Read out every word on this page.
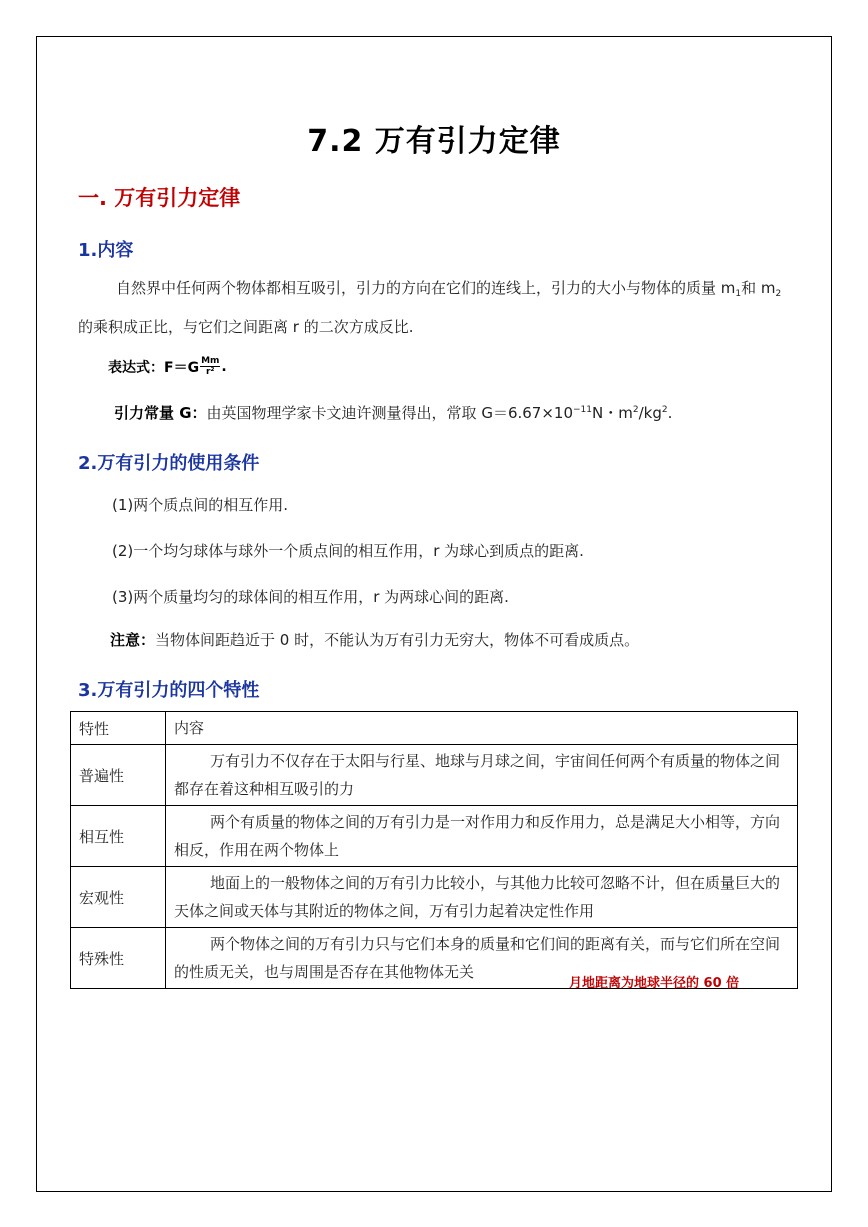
7.2 万有引力定律
一. 万有引力定律
1.内容
自然界中任何两个物体都相互吸引，引力的方向在它们的连线上，引力的大小与物体的质量 $m_1$和 $m_2$的乘积成正比，与它们之间距离 r 的二次方成反比.
表达式：$F=G \frac{Mm}{\text{r²}}$ .
引力常量 G：由英国物理学家卡文迪许测量得出，常取 $G=6.67\times 10^{-11}N$・$m^2/kg^2$.
2.万有引力的使用条件
(1)两个质点间的相互作用.
(2)一个均匀球体与球外一个质点间的相互作用，r 为球心到质点的距离.
(3)两个质量均匀的球体间的相互作用，r 为两球心间的距离.
注意：当物体间距趋近于 0 时，不能认为万有引力无穷大，物体不可看成质点。
3.万有引力的四个特性
特性	内容
普遍性	万有引力不仅存在于太阳与行星、地球与月球之间，宇宙间任何两个有质量的物体之间都存在着这种相互吸引的力
相互性	两个有质量的物体之间的万有引力是一对作用力和反作用力，总是满足大小相等，方向相反，作用在两个物体上
宏观性	地面上的一般物体之间的万有引力比较小，与其他力比较可忽略不计，但在质量巨大的天体之间或天体与其附近的物体之间，万有引力起着决定性作用
特殊性	两个物体之间的万有引力只与它们本身的质量和它们间的距离有关，而与它们所在空间的性质无关，也与周围是否存在其他物体无关
月地距离为地球半径的 60 倍
